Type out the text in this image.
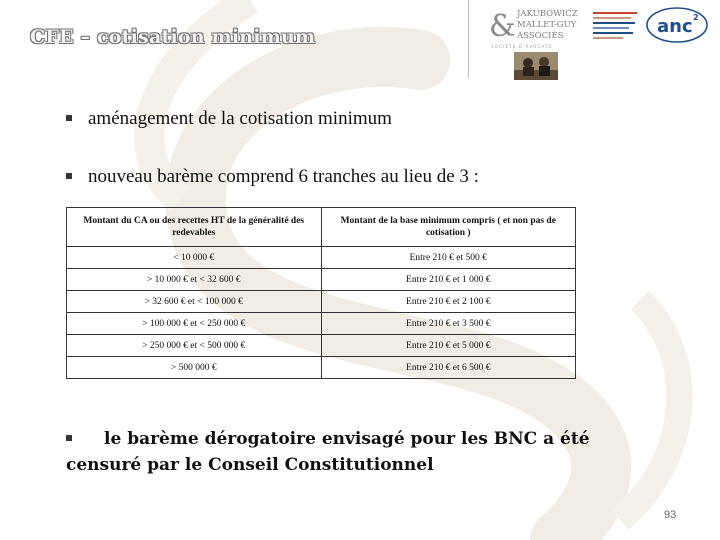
CFE – cotisation minimum	& JAKUBOWICZ
MALLET-GUY
ASSOCIÉS
SOCIÉTÉ D'AVOCATS
anc 2
aménagement de la cotisation minimum
nouveau barème comprend 6 tranches au lieu de 3 :
Montant du CA ou des recettes HT de la généralité des redevables	Montant de la base minimum compris ( et non pas de cotisation )
< 10 000 €	Entre 210 € et 500 €
> 10 000 € et < 32 600 €	Entre 210 € et 1 000 €
> 32 600 € et < 100 000 €	Entre 210 € et 2 100 €
> 100 000 € et < 250 000 €	Entre 210 € et 3 500 €
> 250 000 € et < 500 000 €	Entre 210 € et 5 000 €
> 500 000 €	Entre 210 € et 6 500 €
le barème dérogatoire envisagé pour les BNC a été
censuré par le Conseil Constitutionnel
93
